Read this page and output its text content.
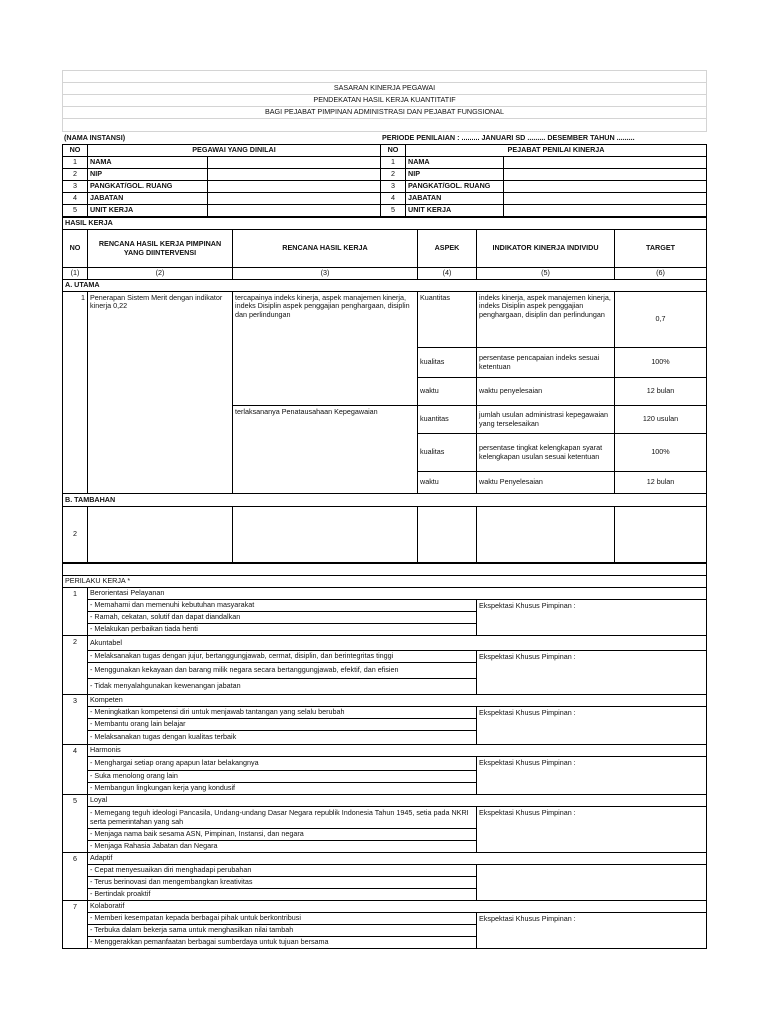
SASARAN KINERJA PEGAWAI
PENDEKATAN HASIL KERJA KUANTITATIF
BAGI PEJABAT PIMPINAN ADMINISTRASI DAN PEJABAT FUNGSIONAL

(NAMA INSTANSI)	PERIODE PENILAIAN : ......... JANUARI SD ......... DESEMBER TAHUN .........
NO	PEGAWAI YANG DINILAI		NO	PEJABAT PENILAI KINERJA	
1	NAMA		1	NAMA	
2	NIP		2	NIP	
3	PANGKAT/GOL. RUANG		3	PANGKAT/GOL. RUANG	
4	JABATAN		4	JABATAN	
5	UNIT KERJA		5	UNIT KERJA	
HASIL KERJA					
NO	RENCANA HASIL KERJA PIMPINAN YANG DIINTERVENSI	RENCANA HASIL KERJA	ASPEK	INDIKATOR KINERJA INDIVIDU	TARGET
(1)	(2)	(3)	(4)	(5)	(6)
A. UTAMA					
1	Penerapan Sistem Merit dengan indikator kinerja 0,22	tercapainya indeks kinerja, aspek manajemen kinerja, indeks Disiplin aspek penggajian penghargaan, disiplin dan perlindungan	Kuantitas	indeks kinerja, aspek manajemen kinerja, indeks Disiplin aspek penggajian penghargaan, disiplin dan perlindungan	0,7
			kualitas	persentase pencapaian indeks sesuai ketentuan	100%
			waktu	waktu penyelesaian	12 bulan
		terlaksananya Penatausahaan Kepegawaian	kuantitas	jumlah usulan administrasi kepegawaian yang terselesaikan	120 usulan
			kualitas	persentase tingkat kelengkapan syarat kelengkapan usulan sesuai ketentuan	100%
			waktu	waktu Penyelesaian	12 bulan
B. TAMBAHAN					
2					

PERILAKU KERJA *		
1	Berorientasi Pelayanan	
	- Memahami dan memenuhi kebutuhan masyarakat	Ekspektasi Khusus Pimpinan :
	- Ramah, cekatan, solutif dan dapat diandalkan	
	- Melakukan perbaikan tiada henti	
2	Akuntabel	
	- Melaksanakan tugas dengan jujur, bertanggungjawab, cermat, disiplin, dan berintegritas tinggi	Ekspektasi Khusus Pimpinan :
	- Menggunakan kekayaan dan barang milik negara secara bertanggungjawab, efektif, dan efisien	
	- Tidak menyalahgunakan kewenangan jabatan	
3	Kompeten	
	- Meningkatkan kompetensi diri untuk menjawab tantangan yang selalu berubah	Ekspektasi Khusus Pimpinan :
	- Membantu orang lain belajar	
	- Melaksanakan tugas dengan kualitas terbaik	
4	Harmonis	
	- Menghargai setiap orang apapun latar belakangnya	Ekspektasi Khusus Pimpinan :
	- Suka menolong orang lain	
	- Membangun lingkungan kerja yang kondusif	
5	Loyal	
	- Memegang teguh ideologi Pancasila, Undang-undang Dasar Negara republik Indonesia Tahun 1945, setia pada NKRI serta pemerintahan yang sah	Ekspektasi Khusus Pimpinan :
	- Menjaga nama baik sesama ASN, Pimpinan, Instansi, dan negara	
	- Menjaga Rahasia Jabatan dan Negara	
6	Adaptif	
	- Cepat menyesuaikan diri menghadapi perubahan	
	- Terus berinovasi dan mengembangkan kreativitas	
	- Bertindak proaktif	
7	Kolaboratif	
	- Memberi kesempatan kepada berbagai pihak untuk berkontribusi	Ekspektasi Khusus Pimpinan :
	- Terbuka dalam bekerja sama untuk menghasilkan nilai tambah	
	- Menggerakkan pemanfaatan berbagai sumberdaya untuk tujuan bersama	
